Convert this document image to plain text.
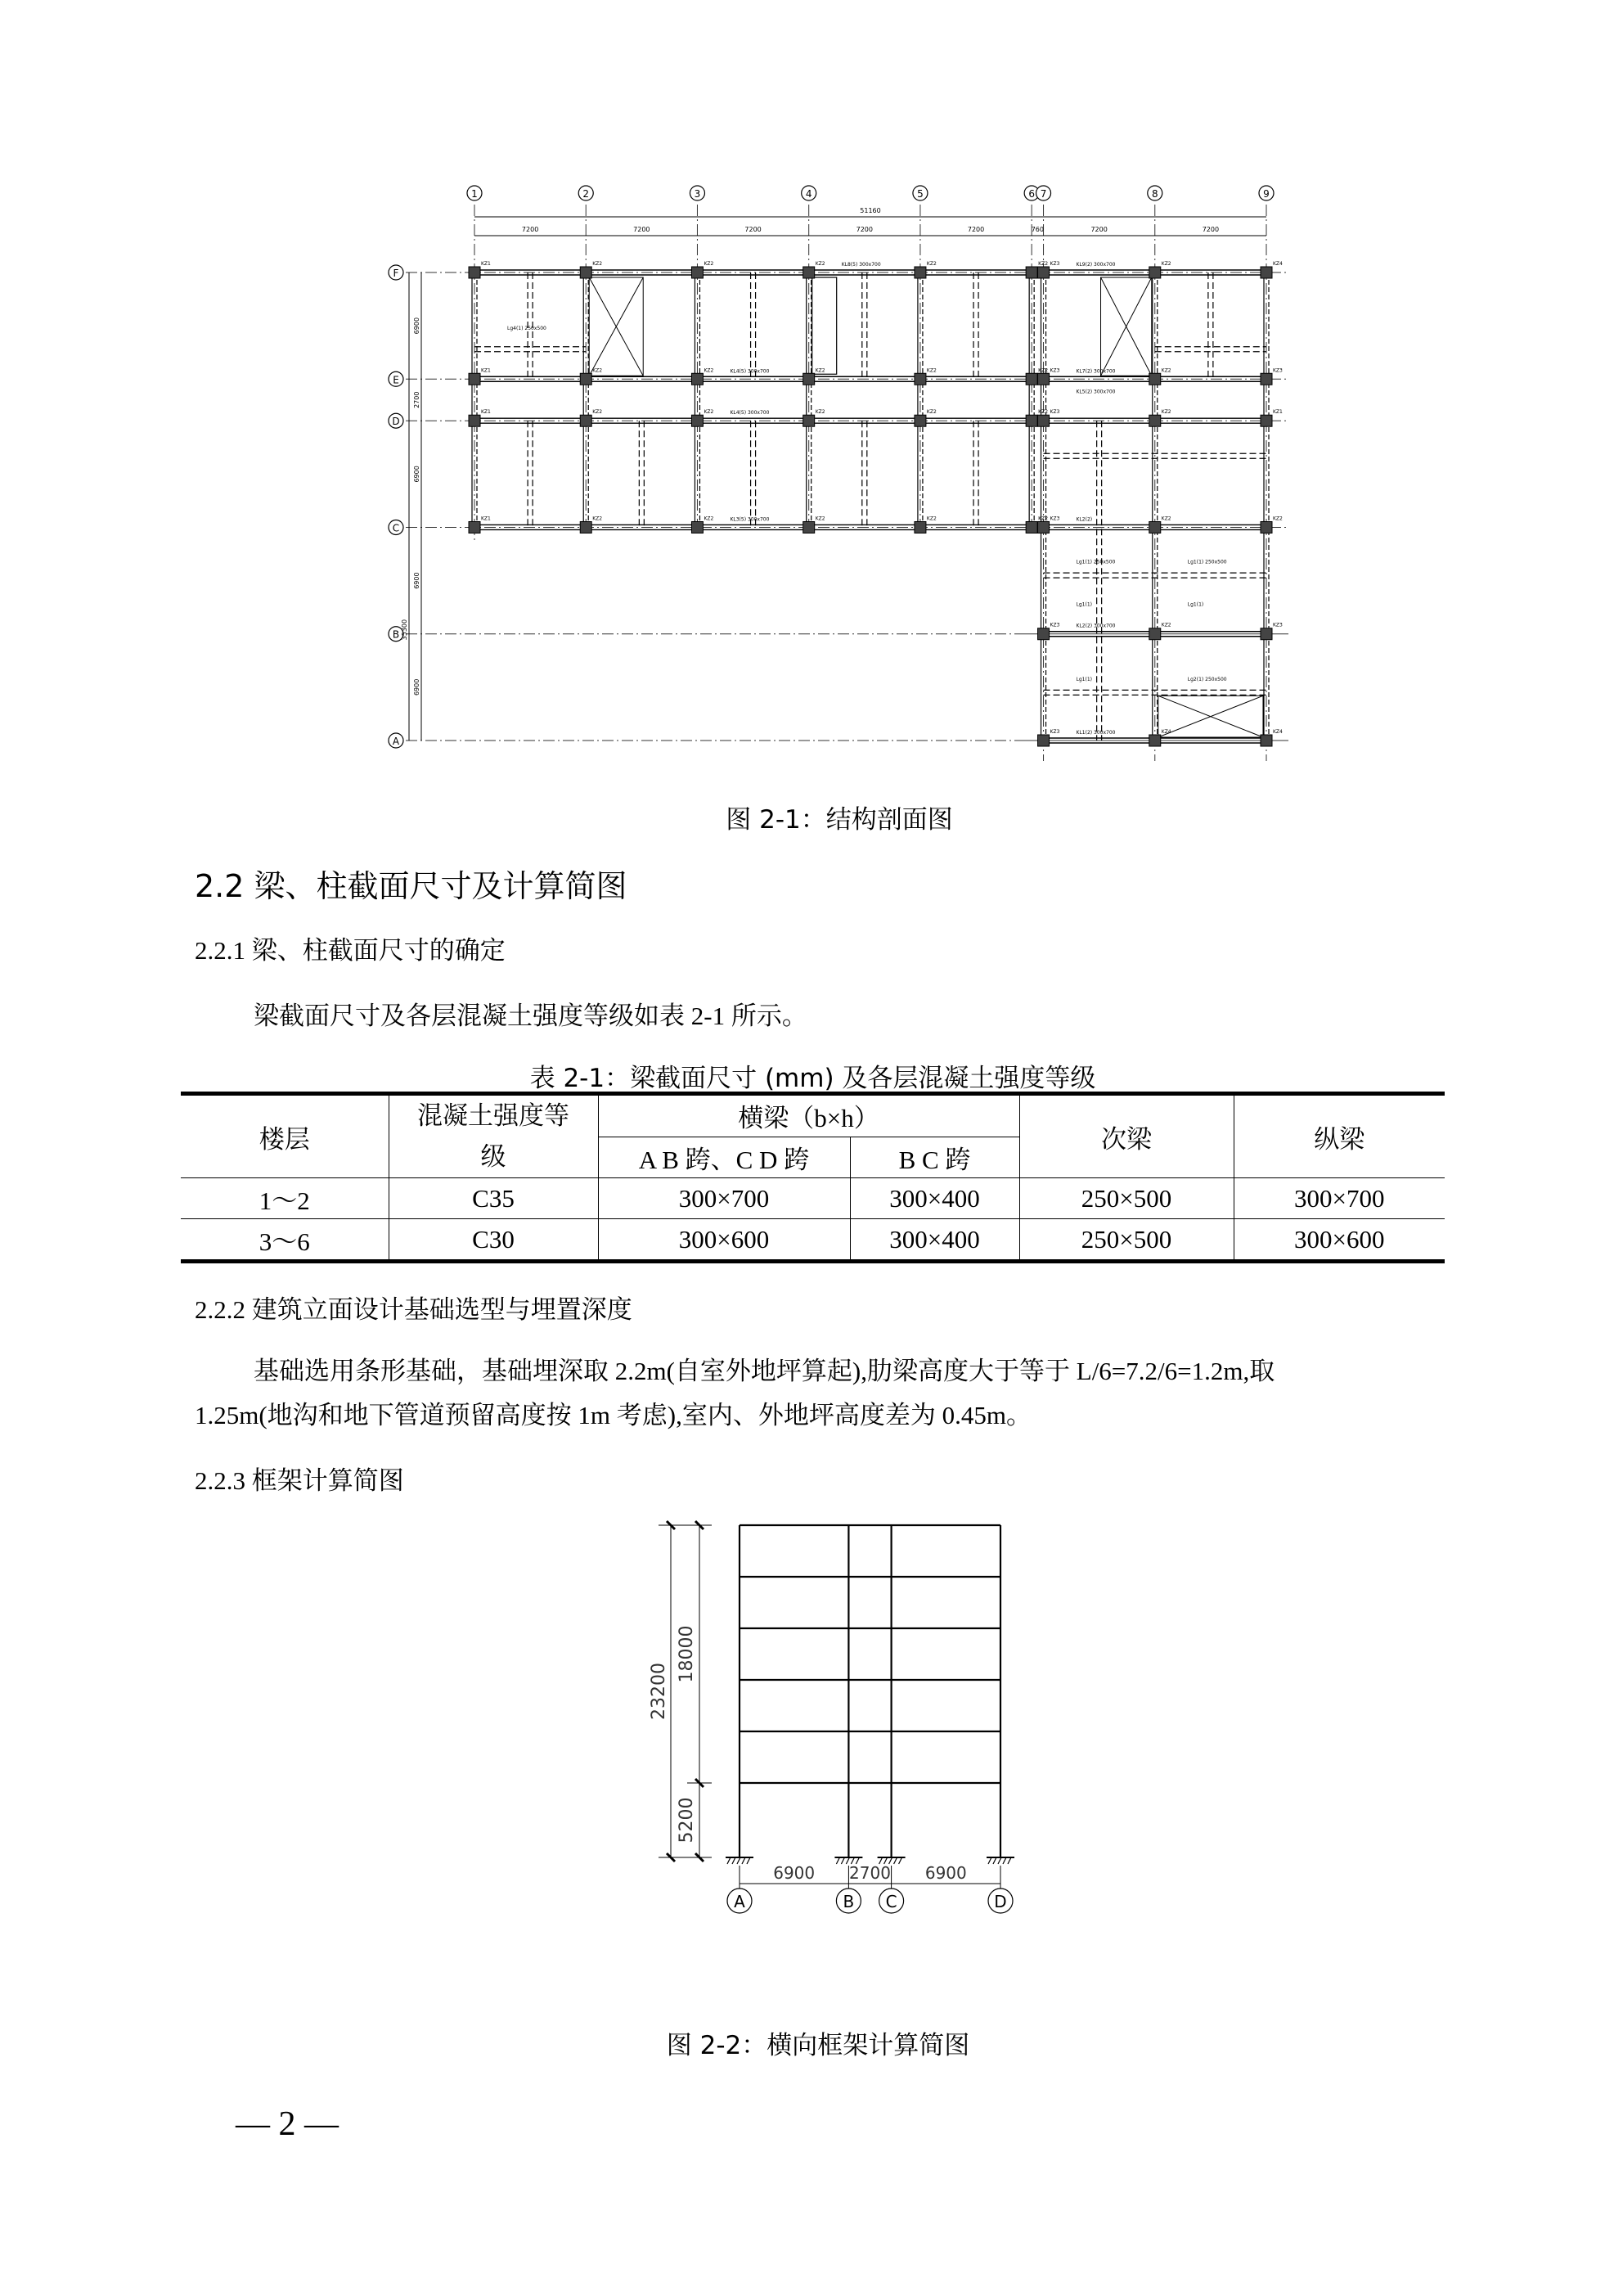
1	2	3	4	5	6 7	8	9
F
E
D
C
B
A
51160
7200	7200	7200	7200	7200	760	7200	7200
6900
2700
6900
6900
6900
35300
KZ1
KZ1
KZ1
KZ1
KZ2
KZ2
KZ2
KZ2
KZ2
KZ2
KZ2
KZ2
KZ2
KZ2
KZ2
KZ2
KZ2
KZ2
KZ2
KZ2
KZ2
KZ2
KZ2
KZ2
KZ3
KZ3
KZ3
KZ3
KZ3
KZ3
KZ2
KZ2
KZ2
KZ2
KZ2
KZ4
KZ4
KZ3
KZ1
KZ2
KZ3
KZ4
KL8(5) 300x700	KL9(2) 300x700
KL4(5) 300x700	KL7(2) 300x700
KL5(2) 300x700
KL4(5) 300x700
KL3(5) 300x700	KL2(2)
KL2(2) 300x700
KL1(2) 300x700
Lg4(1) 250x500
Lg1(1) 250x500	Lg1(1) 250x500
Lg1(1)	Lg1(1)
Lg1(1)	Lg2(1) 250x500
图 2-1：结构剖面图
2.2 梁、柱截面尺寸及计算简图
2.2.1 梁、柱截面尺寸的确定
梁截面尺寸及各层混凝土强度等级如表 2-1 所示。
表 2-1：梁截面尺寸 (mm) 及各层混凝土强度等级
楼层	混凝土强度等级	横梁（b×h）		次梁	纵梁
		A B 跨、C D 跨	B C 跨		
1～2	C35	300×700	300×400	250×500	300×700
3～6	C30	300×600	300×400	250×500	300×600
2.2.2 建筑立面设计基础选型与埋置深度
基础选用条形基础，基础埋深取 2.2m(自室外地坪算起),肋梁高度大于等于 L/6=7.2/6=1.2m,取
1.25m(地沟和地下管道预留高度按 1m 考虑),室内、外地坪高度差为 0.45m。
2.2.3 框架计算简图
A	B C	D
6900 2700 6900
23200
18000
5200
图 2-2：横向框架计算简图
— 2 —
